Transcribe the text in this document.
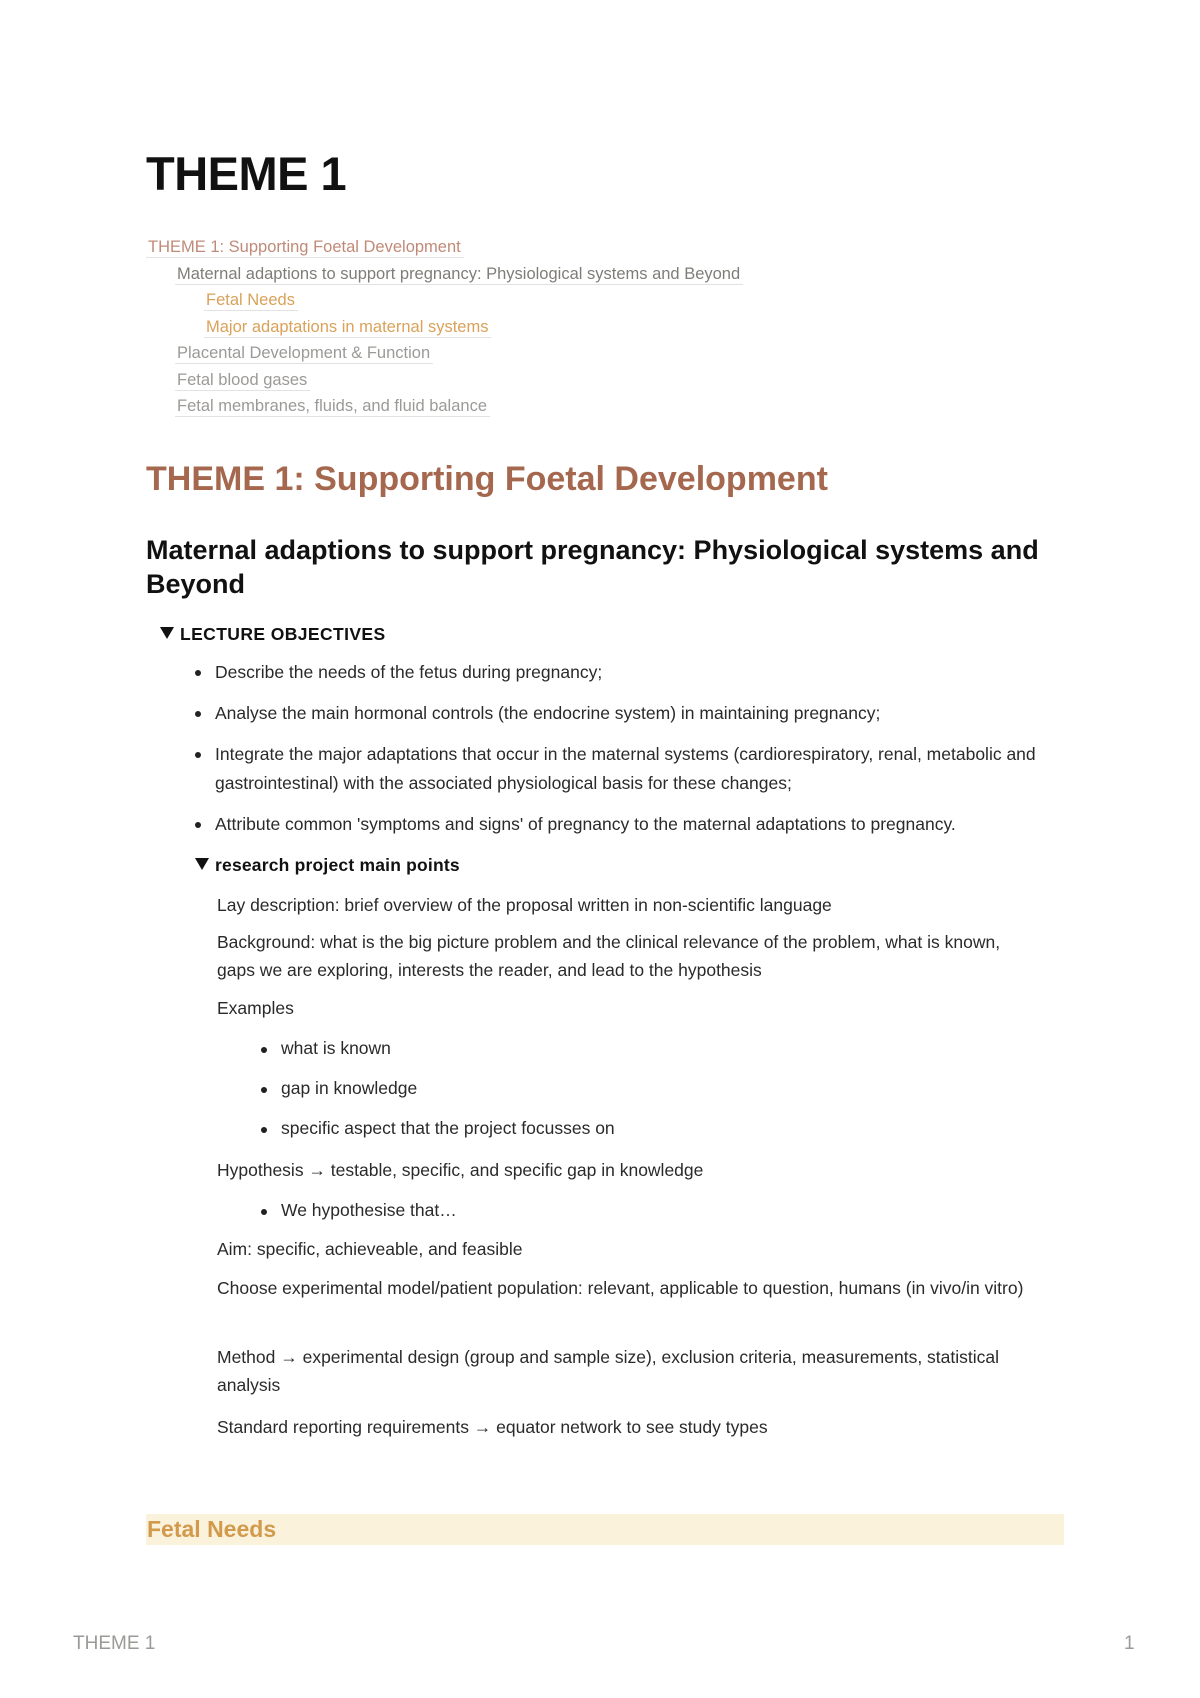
THEME 1
THEME 1: Supporting Foetal Development
Maternal adaptions to support pregnancy: Physiological systems and Beyond
Fetal Needs
Major adaptations in maternal systems
Placental Development & Function
Fetal blood gases
Fetal membranes, fluids, and fluid balance
THEME 1: Supporting Foetal Development
Maternal adaptions to support pregnancy: Physiological systems and Beyond
LECTURE OBJECTIVES
Describe the needs of the fetus during pregnancy;
Analyse the main hormonal controls (the endocrine system) in maintaining pregnancy;
Integrate the major adaptations that occur in the maternal systems (cardiorespiratory, renal, metabolic and gastrointestinal) with the associated physiological basis for these changes;
Attribute common 'symptoms and signs' of pregnancy to the maternal adaptations to pregnancy.
research project main points

Lay description: brief overview of the proposal written in non-scientific language

Background: what is the big picture problem and the clinical relevance of the problem, what is known, gaps we are exploring, interests the reader, and lead to the hypothesis

Examples

what is known
gap in knowledge
specific aspect that the project focusses on

Hypothesis → testable, specific, and specific gap in knowledge

We hypothesise that…

Aim: specific, achieveable, and feasible

Choose experimental model/patient population: relevant, applicable to question, humans (in vivo/in vitro)

Method → experimental design (group and sample size), exclusion criteria, measurements, statistical analysis

Standard reporting requirements → equator network to see study types

Fetal Needs
THEME 1	1
